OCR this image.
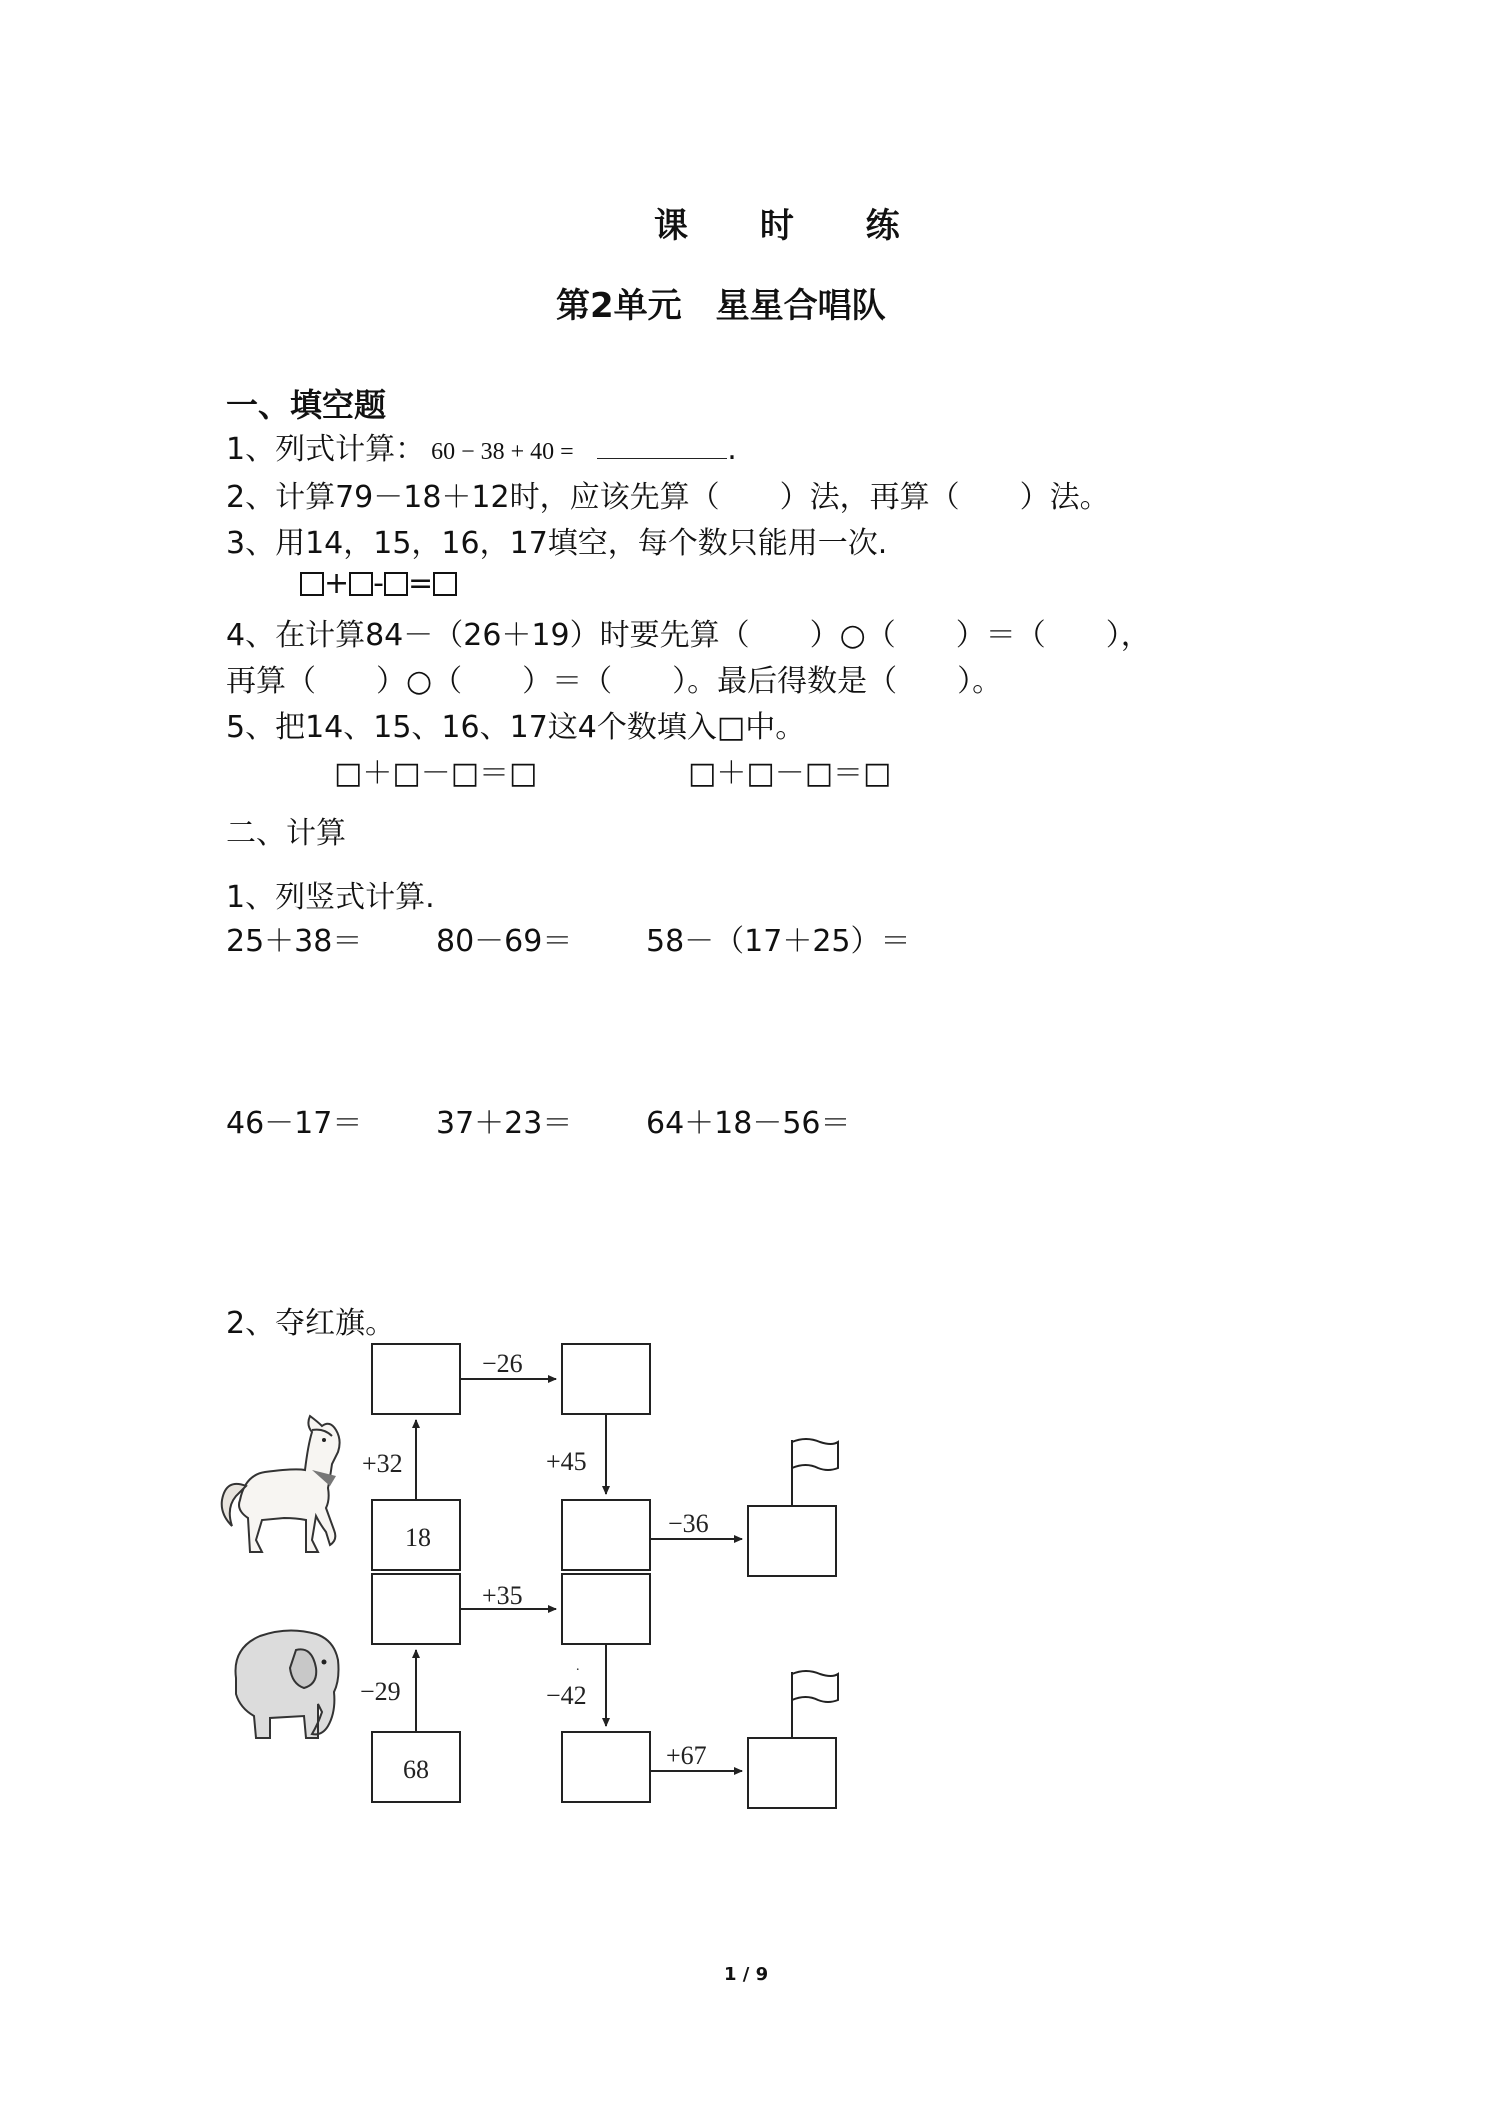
课 时 练
第2单元　星星合唱队
一、填空题
1、列式计算： 60 − 38 + 40 =	.
2、计算79－18＋12时，应该先算（　　）法，再算（　　）法。
3、用14，15，16，17填空，每个数只能用一次.
+ - =
4、在计算84－（26＋19）时要先算（　　）○（　　）＝（　　），
再算（　　）○（　　）＝（　　）。最后得数是（　　）。
5、把14、15、16、17这4个数填入□中。
□＋□－□＝□	□＋□－□＝□
二、计算
1、列竖式计算.
25＋38＝ 80－69＝ 58－（17＋25）＝
46－17＝ 37＋23＝ 64＋18－56＝
2、夺红旗。
18
+32
−26
+45
−36
68
−29
+35
−42
+67
.
1 / 9
